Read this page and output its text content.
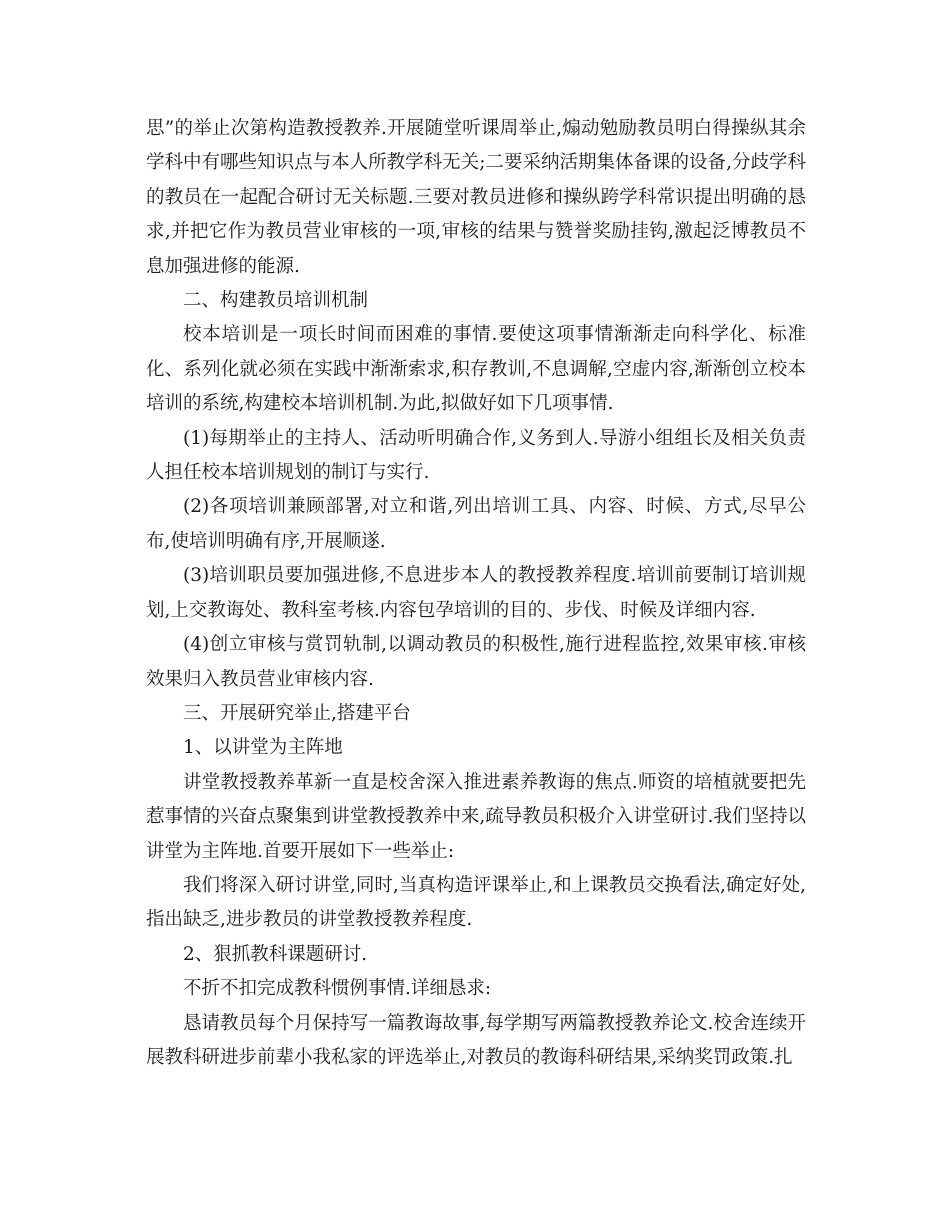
思”的举止次第构造教授教养.开展随堂听课周举止,煽动勉励教员明白得操纵其余学科中有哪些知识点与本人所教学科无关;二要采纳活期集体备课的设备,分歧学科的教员在一起配合研讨无关标题.三要对教员进修和操纵跨学科常识提出明确的恳求,并把它作为教员营业审核的一项,审核的结果与赞誉奖励挂钩,激起泛博教员不息加强进修的能源.

二、构建教员培训机制

校本培训是一项长时间而困难的事情.要使这项事情渐渐走向科学化、标准化、系列化就必须在实践中渐渐索求,积存教训,不息调解,空虚内容,渐渐创立校本培训的系统,构建校本培训机制.为此,拟做好如下几项事情.

(1)每期举止的主持人、活动听明确合作,义务到人.导游小组组长及相关负责人担任校本培训规划的制订与实行.

(2)各项培训兼顾部署,对立和谐,列出培训工具、内容、时候、方式,尽早公布,使培训明确有序,开展顺遂.

(3)培训职员要加强进修,不息进步本人的教授教养程度.培训前要制订培训规划,上交教诲处、教科室考核.内容包孕培训的目的、步伐、时候及详细内容.

(4)创立审核与赏罚轨制,以调动教员的积极性,施行进程监控,效果审核.审核效果归入教员营业审核内容.

三、开展研究举止,搭建平台

1、以讲堂为主阵地

讲堂教授教养革新一直是校舍深入推进素养教诲的焦点.师资的培植就要把先惹事情的兴奋点聚集到讲堂教授教养中来,疏导教员积极介入讲堂研讨.我们坚持以讲堂为主阵地.首要开展如下一些举止:

我们将深入研讨讲堂,同时,当真构造评课举止,和上课教员交换看法,确定好处,指出缺乏,进步教员的讲堂教授教养程度.

2、狠抓教科课题研讨.

不折不扣完成教科惯例事情.详细恳求:

恳请教员每个月保持写一篇教诲故事,每学期写两篇教授教养论文.校舍连续开展教科研进步前辈小我私家的评选举止,对教员的教诲科研结果,采纳奖罚政策.扎
